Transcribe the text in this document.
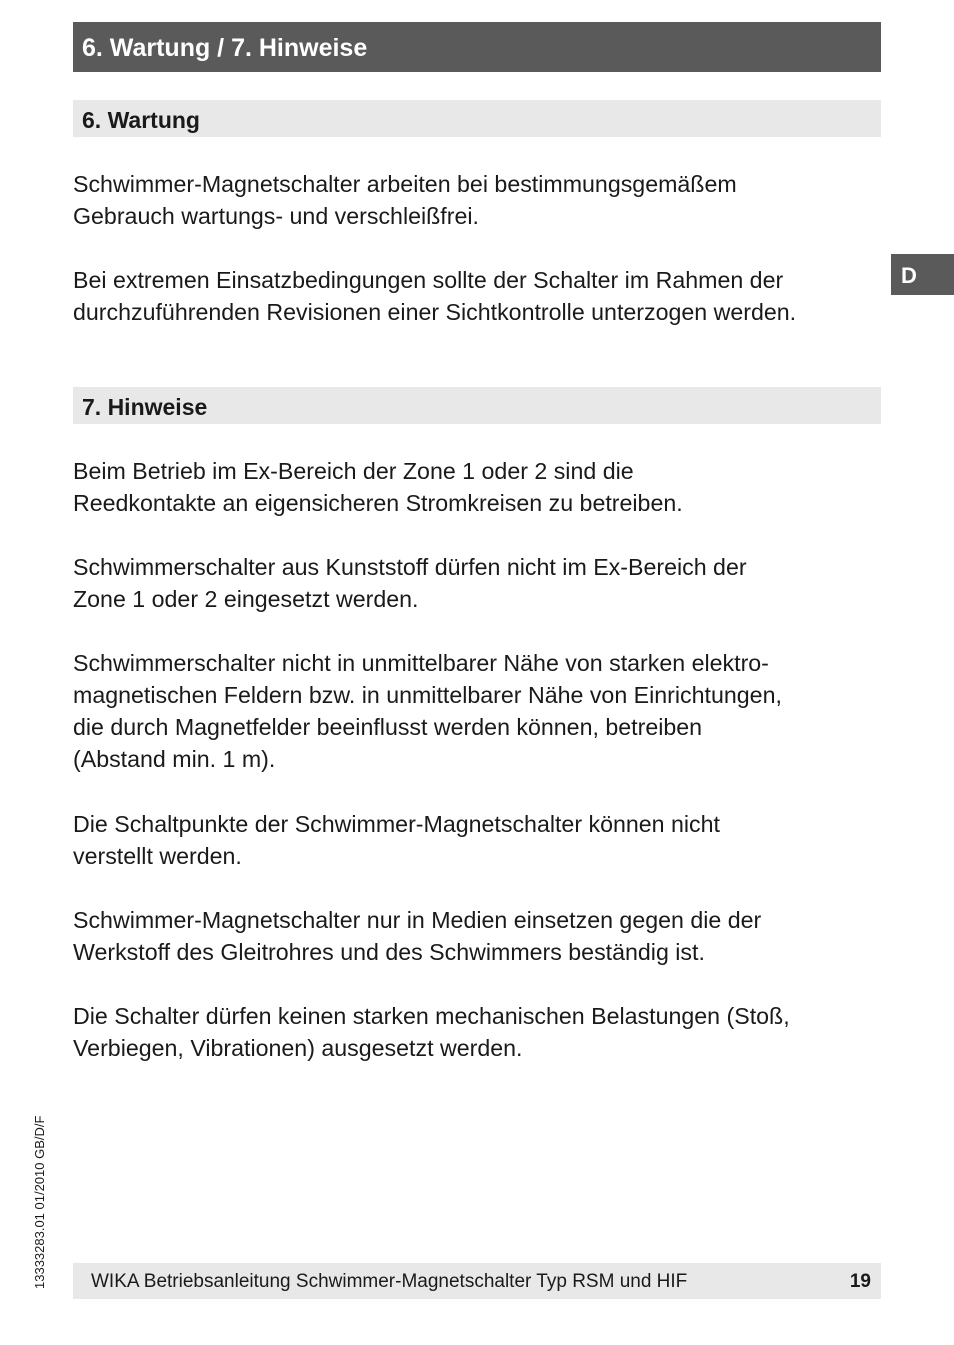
6. Wartung / 7. Hinweise
D
6. Wartung

Schwimmer-Magnetschalter arbeiten bei bestimmungsgemäßem
Gebrauch wartungs- und verschleißfrei.

Bei extremen Einsatzbedingungen sollte der Schalter im Rahmen der
durchzuführenden Revisionen einer Sichtkontrolle unterzogen werden.

7. Hinweise

Beim Betrieb im Ex-Bereich der Zone 1 oder 2 sind die
Reedkontakte an eigensicheren Stromkreisen zu betreiben.

Schwimmerschalter aus Kunststoff dürfen nicht im Ex-Bereich der
Zone 1 oder 2 eingesetzt werden.

Schwimmerschalter nicht in unmittelbarer Nähe von starken elektro-
magnetischen Feldern bzw. in unmittelbarer Nähe von Einrichtungen,
die durch Magnetfelder beeinflusst werden können, betreiben
(Abstand min. 1 m).

Die Schaltpunkte der Schwimmer-Magnetschalter können nicht
verstellt werden.

Schwimmer-Magnetschalter nur in Medien einsetzen gegen die der
Werkstoff des Gleitrohres und des Schwimmers beständig ist.

Die Schalter dürfen keinen starken mechanischen Belastungen (Stoß,
Verbiegen, Vibrationen) ausgesetzt werden.

13333283.01 01/2010 GB/D/F WIKA Betriebsanleitung Schwimmer-Magnetschalter Typ RSM und HIF	19
